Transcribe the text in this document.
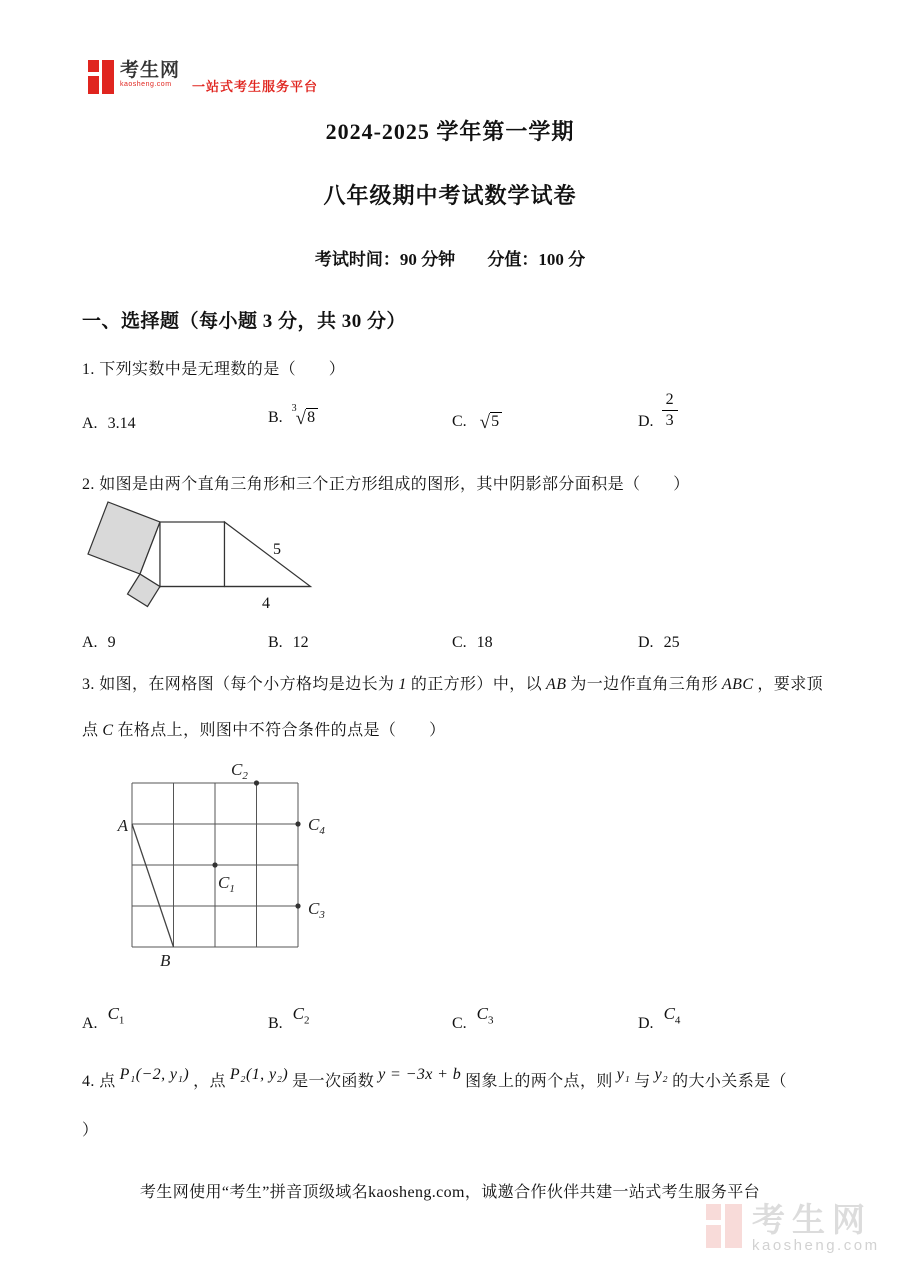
考生网
kaosheng.com	一站式考生服务平台
2024-2025 学年第一学期
八年级期中考试数学试卷
考试时间：90 分钟 分值：100 分
一、选择题（每小题 3 分，共 30 分）
1. 下列实数中是无理数的是（　　）
A. 3.14	B.
3 √8	C. √5	D. $\frac{2}{3}$
2. 如图是由两个直角三角形和三个正方形组成的图形，其中阴影部分面积是（　　）
5
4
A. 9	B. 12	C. 18	D. 25
3. 如图，在网格图（每个小方格均是边长为 1 的正方形）中，以 AB 为一边作直角三角形 ABC ，要求顶
点 C 在格点上，则图中不符合条件的点是（　　）
A
B
$C_2$
$C_4$
$C_1$
$C_3$
$A.C_1$	$B.C_2$	$C.C_3$	$D.C_4$
4. 点 P₁(−2, y₁) ，点 P₂(1, y₂) 是一次函数 y = −3x + b 图象上的两个点，则 y₁ 与 y₂ 的大小关系是（
）
考生网使用“考生”拼音顶级域名kaosheng.com，诚邀合作伙伴共建一站式考生服务平台
考生网
kaosheng.com
